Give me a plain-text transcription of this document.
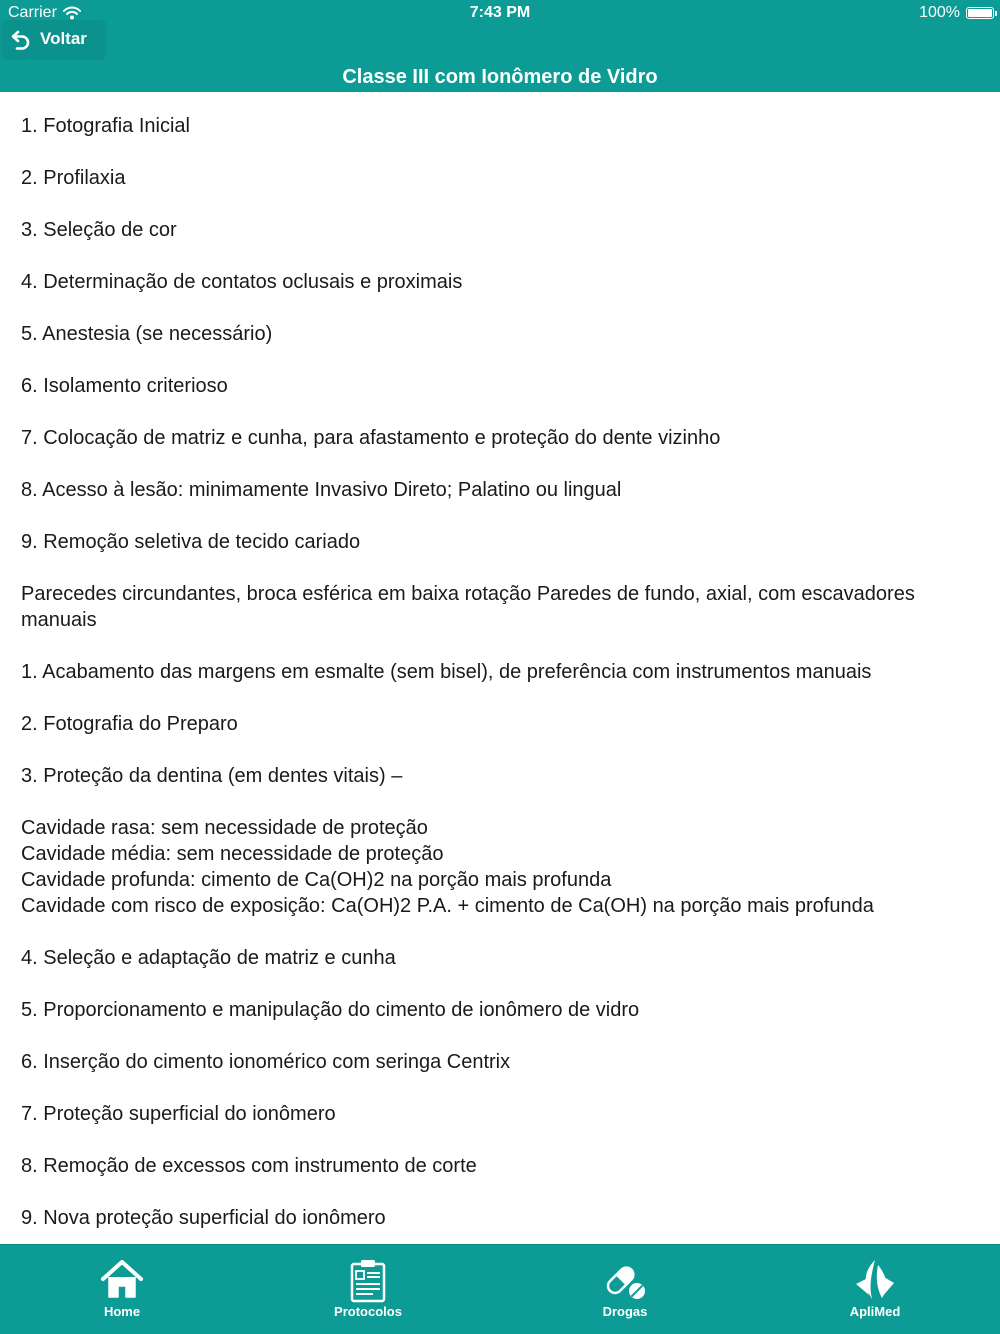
Carrier	7:43 PM	100%
Voltar
Classe III com Ionômero de Vidro

1. Fotografia Inicial

2. Profilaxia

3. Seleção de cor

4. Determinação de contatos oclusais e proximais

5. Anestesia (se necessário)

6. Isolamento criterioso

7. Colocação de matriz e cunha, para afastamento e proteção do dente vizinho

8. Acesso à lesão: minimamente Invasivo Direto; Palatino ou lingual

9. Remoção seletiva de tecido cariado

Parecedes circundantes, broca esférica em baixa rotação Paredes de fundo, axial, com escavadores manuais

1. Acabamento das margens em esmalte (sem bisel), de preferência com instrumentos manuais

2. Fotografia do Preparo

3. Proteção da dentina (em dentes vitais) –

Cavidade rasa: sem necessidade de proteção
Cavidade média: sem necessidade de proteção
Cavidade profunda: cimento de Ca(OH)2 na porção mais profunda
Cavidade com risco de exposição: Ca(OH)2 P.A. + cimento de Ca(OH) na porção mais profunda

4. Seleção e adaptação de matriz e cunha

5. Proporcionamento e manipulação do cimento de ionômero de vidro

6. Inserção do cimento ionomérico com seringa Centrix

7. Proteção superficial do ionômero

8. Remoção de excessos com instrumento de corte

9. Nova proteção superficial do ionômero

Home	Protocolos	Drogas	ApliMed
